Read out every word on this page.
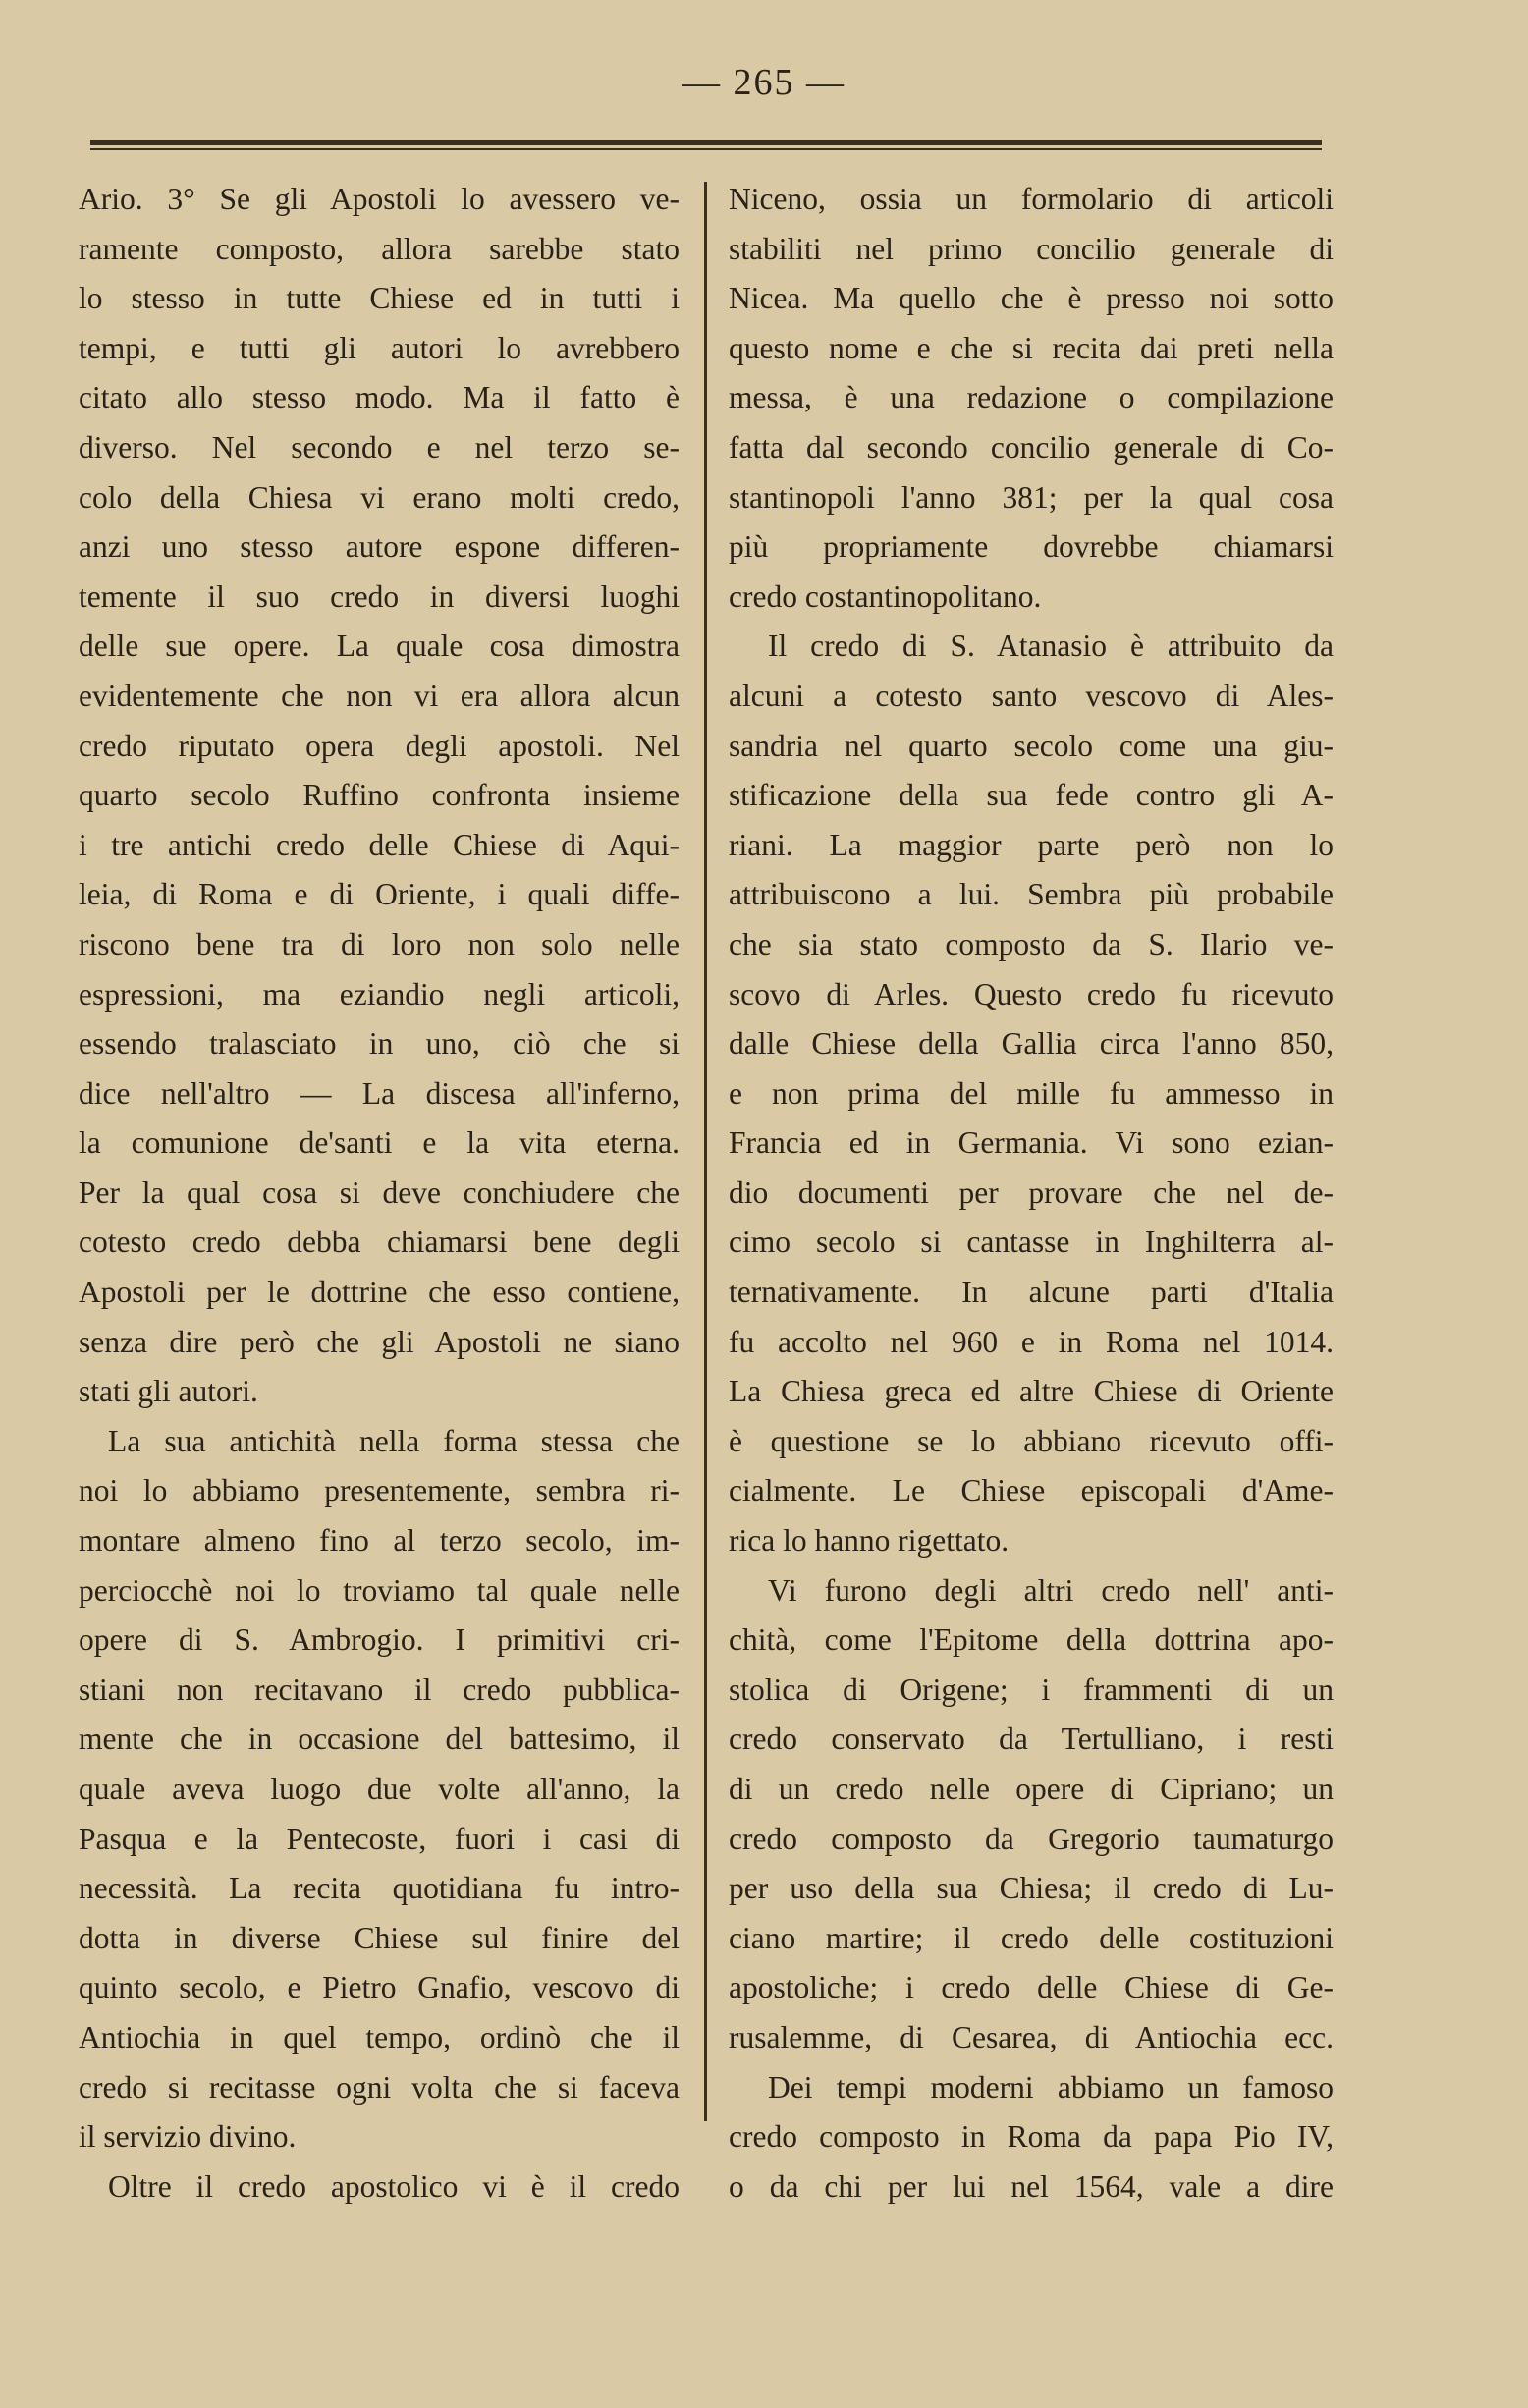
— 265 —
Ario. 3° Se gli Apostoli lo avessero ve-
ramente composto, allora sarebbe stato
lo stesso in tutte Chiese ed in tutti i
tempi, e tutti gli autori lo avrebbero
citato allo stesso modo. Ma il fatto è
diverso. Nel secondo e nel terzo se-
colo della Chiesa vi erano molti credo,
anzi uno stesso autore espone differen-
temente il suo credo in diversi luoghi
delle sue opere. La quale cosa dimostra
evidentemente che non vi era allora alcun
credo riputato opera degli apostoli. Nel
quarto secolo Ruffino confronta insieme
i tre antichi credo delle Chiese di Aqui-
leia, di Roma e di Oriente, i quali diffe-
riscono bene tra di loro non solo nelle
espressioni, ma eziandio negli articoli,
essendo tralasciato in uno, ciò che si
dice nell'altro — La discesa all'inferno,
la comunione de'santi e la vita eterna.
Per la qual cosa si deve conchiudere che
cotesto credo debba chiamarsi bene degli
Apostoli per le dottrine che esso contiene,
senza dire però che gli Apostoli ne siano
stati gli autori.
La sua antichità nella forma stessa che
noi lo abbiamo presentemente, sembra ri-
montare almeno fino al terzo secolo, im-
perciocchè noi lo troviamo tal quale nelle
opere di S. Ambrogio. I primitivi cri-
stiani non recitavano il credo pubblica-
mente che in occasione del battesimo, il
quale aveva luogo due volte all'anno, la
Pasqua e la Pentecoste, fuori i casi di
necessità. La recita quotidiana fu intro-
dotta in diverse Chiese sul finire del
quinto secolo, e Pietro Gnafio, vescovo di
Antiochia in quel tempo, ordinò che il
credo si recitasse ogni volta che si faceva
il servizio divino.
Oltre il credo apostolico vi è il credo
Niceno, ossia un formolario di articoli
stabiliti nel primo concilio generale di
Nicea. Ma quello che è presso noi sotto
questo nome e che si recita dai preti nella
messa, è una redazione o compilazione
fatta dal secondo concilio generale di Co-
stantinopoli l'anno 381; per la qual cosa
più propriamente dovrebbe chiamarsi
credo costantinopolitano.
Il credo di S. Atanasio è attribuito da
alcuni a cotesto santo vescovo di Ales-
sandria nel quarto secolo come una giu-
stificazione della sua fede contro gli A-
riani. La maggior parte però non lo
attribuiscono a lui. Sembra più probabile
che sia stato composto da S. Ilario ve-
scovo di Arles. Questo credo fu ricevuto
dalle Chiese della Gallia circa l'anno 850,
e non prima del mille fu ammesso in
Francia ed in Germania. Vi sono ezian-
dio documenti per provare che nel de-
cimo secolo si cantasse in Inghilterra al-
ternativamente. In alcune parti d'Italia
fu accolto nel 960 e in Roma nel 1014.
La Chiesa greca ed altre Chiese di Oriente
è questione se lo abbiano ricevuto offi-
cialmente. Le Chiese episcopali d'Ame-
rica lo hanno rigettato.
Vi furono degli altri credo nell' anti-
chità, come l'Epitome della dottrina apo-
stolica di Origene; i frammenti di un
credo conservato da Tertulliano, i resti
di un credo nelle opere di Cipriano; un
credo composto da Gregorio taumaturgo
per uso della sua Chiesa; il credo di Lu-
ciano martire; il credo delle costituzioni
apostoliche; i credo delle Chiese di Ge-
rusalemme, di Cesarea, di Antiochia ecc.
Dei tempi moderni abbiamo un famoso
credo composto in Roma da papa Pio IV,
o da chi per lui nel 1564, vale a dire
